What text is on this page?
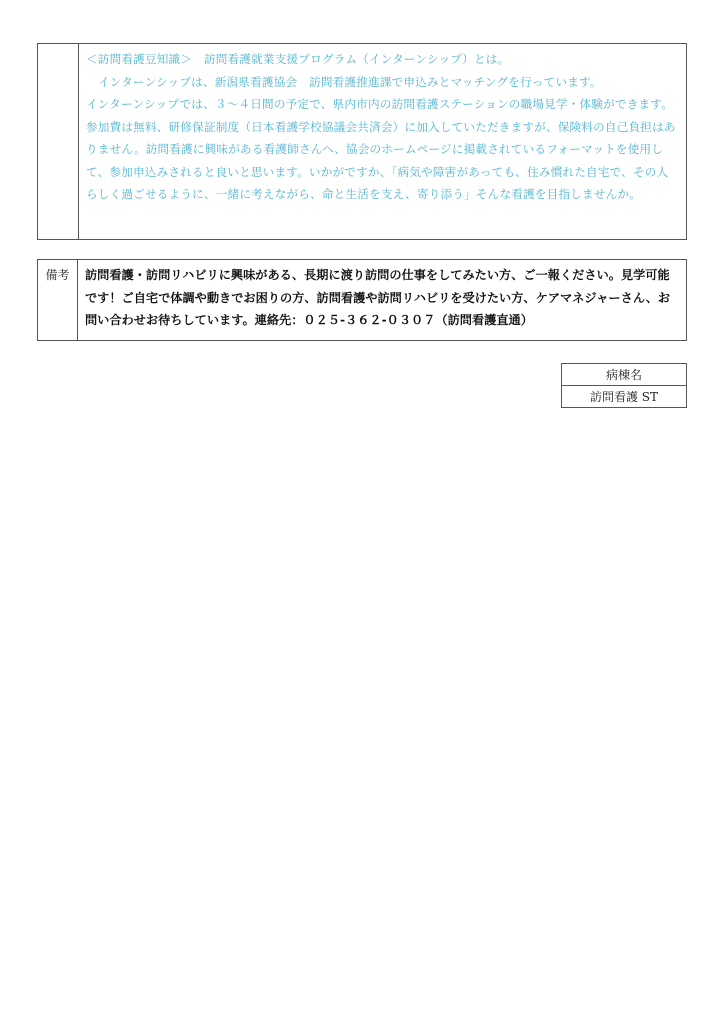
＜訪問看護豆知識＞　訪問看護就業支援プログラム（インターンシップ）とは。

インターンシップは、新潟県看護協会　訪問看護推進課で申込みとマッチングを行っています。

インターンシップでは、３～４日間の予定で、県内市内の訪問看護ステーションの職場見学・体験ができます。参加費は無料、研修保証制度（日本看護学校協議会共済会）に加入していただきますが、保険料の自己負担はありません。訪問看護に興味がある看護師さんへ、協会のホームページに掲載されているフォーマットを使用して、参加申込みされると良いと思います。いかがですか、「病気や障害があっても、住み慣れた自宅で、その人らしく過ごせるように、一緒に考えながら、命と生活を支え、寄り添う」そんな看護を目指しませんか。

備考	訪問看護・訪問リハビリに興味がある、長期に渡り訪問の仕事をしてみたい方、ご一報ください。見学可能です！ご自宅で体調や動きでお困りの方、訪問看護や訪問リハビリを受けたい方、ケアマネジャーさん、お問い合わせお待ちしています。連絡先：０２５-３６２-０３０７（訪問看護直通）
病棟名
訪問看護 ST
